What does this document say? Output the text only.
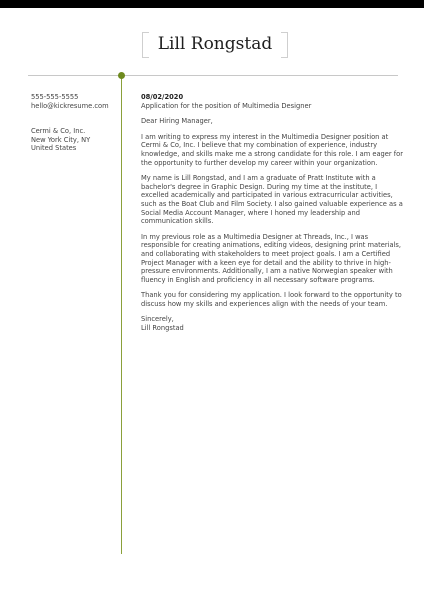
Lill Rongstad
555-555-5555
hello@kickresume.com
Cermi & Co, Inc.
New York City, NY
United States
08/02/2020
Application for the position of Multimedia Designer
Dear Hiring Manager,

I am writing to express my interest in the Multimedia Designer position at Cermi & Co, Inc. I believe that my combination of experience, industry knowledge, and skills make me a strong candidate for this role. I am eager for the opportunity to further develop my career within your organization.

My name is Lill Rongstad, and I am a graduate of Pratt Institute with a bachelor's degree in Graphic Design. During my time at the institute, I excelled academically and participated in various extracurricular activities, such as the Boat Club and Film Society. I also gained valuable experience as a Social Media Account Manager, where I honed my leadership and communication skills.

In my previous role as a Multimedia Designer at Threads, Inc., I was responsible for creating animations, editing videos, designing print materials, and collaborating with stakeholders to meet project goals. I am a Certified Project Manager with a keen eye for detail and the ability to thrive in high-pressure environments. Additionally, I am a native Norwegian speaker with fluency in English and proficiency in all necessary software programs.

Thank you for considering my application. I look forward to the opportunity to discuss how my skills and experiences align with the needs of your team.

Sincerely,
Lill Rongstad
